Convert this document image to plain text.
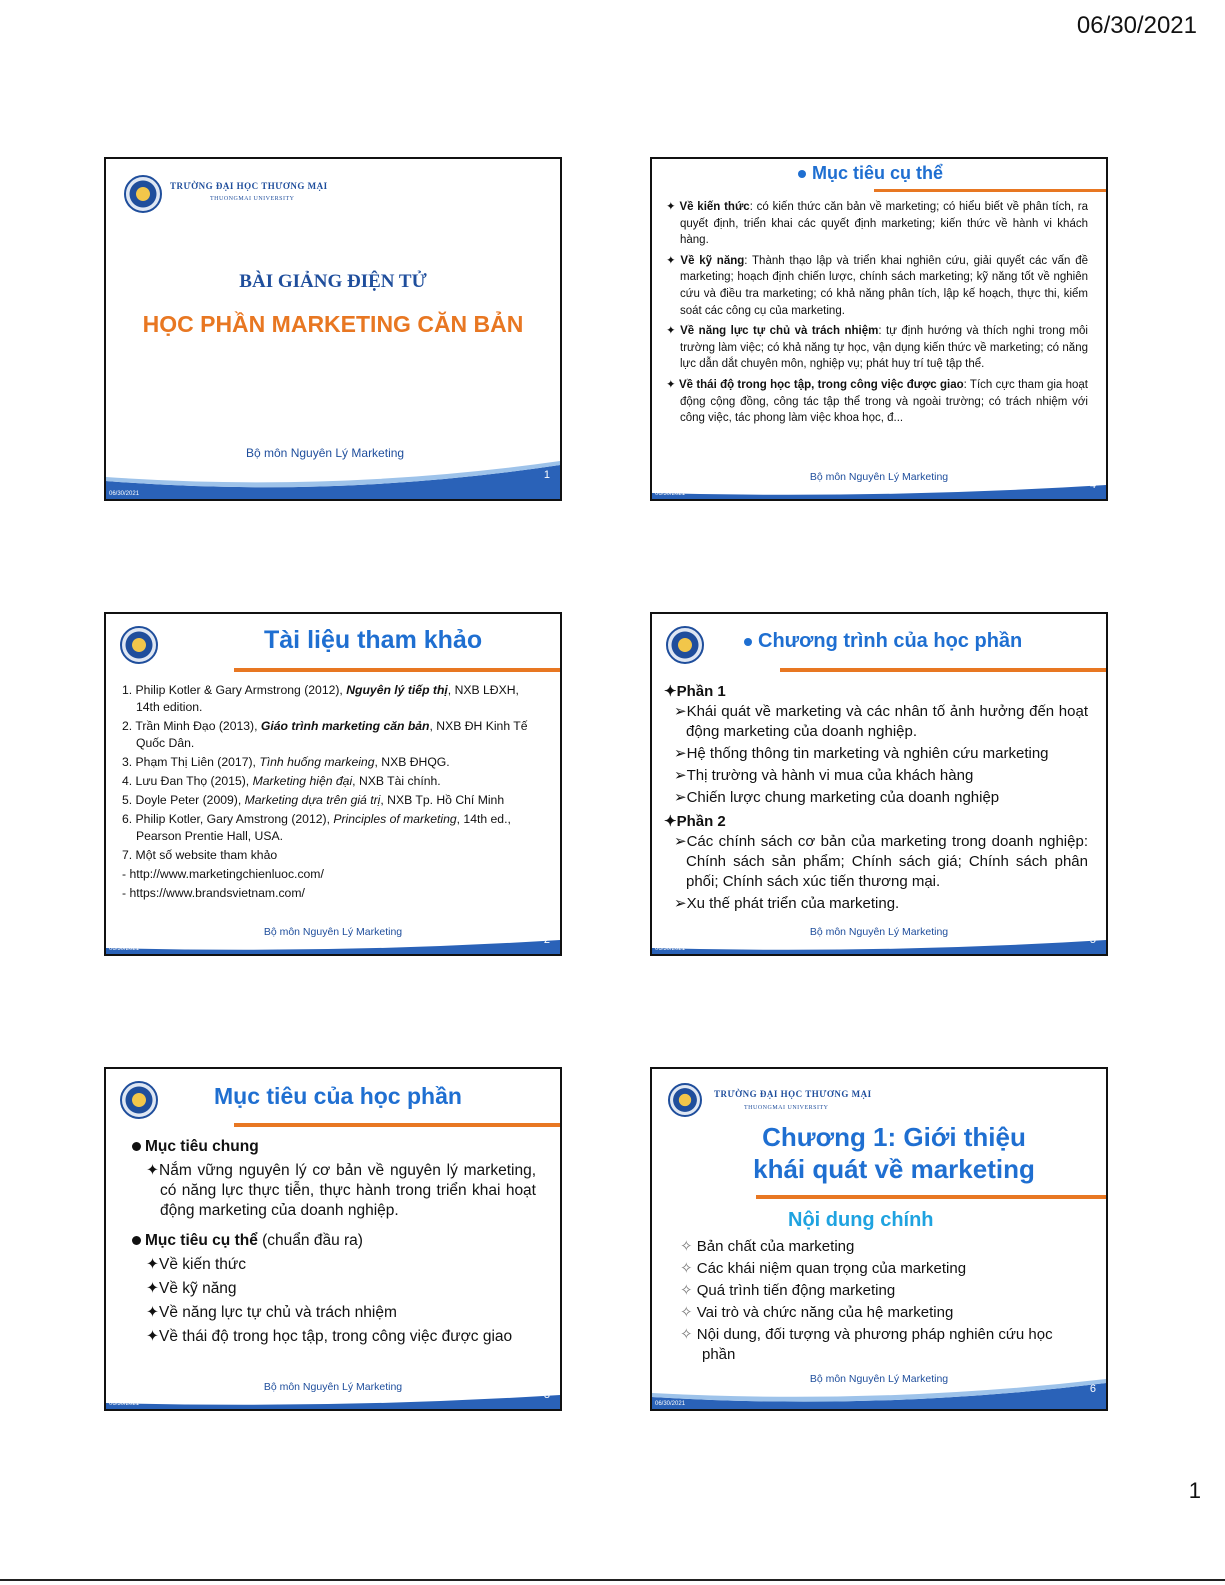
06/30/2021
TRƯỜNG ĐẠI HỌC THƯƠNG MẠI
THUONGMAI UNIVERSITY
BÀI GIẢNG ĐIỆN TỬ
HỌC PHẦN MARKETING CĂN BẢN
Bộ môn Nguyên Lý Marketing
06/30/2021
1
Mục tiêu cụ thể

✦ Về kiến thức: có kiến thức căn bản về marketing; có hiểu biết về phân tích, ra quyết định, triển khai các quyết định marketing; kiến thức về hành vi khách hàng.

✦ Về kỹ năng: Thành thạo lập và triển khai nghiên cứu, giải quyết các vấn đề marketing; hoạch định chiến lược, chính sách marketing; kỹ năng tốt về nghiên cứu và điều tra marketing; có khả năng phân tích, lập kế hoạch, thực thi, kiểm soát các công cụ của marketing.

✦ Về năng lực tự chủ và trách nhiệm: tự định hướng và thích nghi trong môi trường làm việc; có khả năng tự học, vận dụng kiến thức về marketing; có năng lực dẫn dắt chuyên môn, nghiệp vụ; phát huy trí tuệ tập thể.

✦ Về thái độ trong học tập, trong công việc được giao: Tích cực tham gia hoạt động cộng đồng, công tác tập thể trong và ngoài trường; có trách nhiệm với công việc, tác phong làm việc khoa học, đ...

Bộ môn Nguyên Lý Marketing
06/30/2021
4
Tài liệu tham khảo

1. Philip Kotler & Gary Armstrong (2012), Nguyên lý tiếp thị, NXB LĐXH, 14th edition.

2. Trần Minh Đạo (2013), Giáo trình marketing căn bản, NXB ĐH Kinh Tế Quốc Dân.

3. Phạm Thị Liên (2017), Tình huống markeing, NXB ĐHQG.

4. Lưu Đan Thọ (2015), Marketing hiện đại, NXB Tài chính.

5. Doyle Peter (2009), Marketing dựa trên giá trị, NXB Tp. Hồ Chí Minh

6. Philip Kotler, Gary Amstrong (2012), Principles of marketing, 14th ed., Pearson Prentie Hall, USA.

7. Một số website tham khảo

- http://www.marketingchienluoc.com/

- https://www.brandsvietnam.com/

Bộ môn Nguyên Lý Marketing
06/30/2021
2
Chương trình của học phần

✦Phần 1

➢Khái quát về marketing và các nhân tố ảnh hưởng đến hoạt động marketing của doanh nghiệp.

➢Hệ thống thông tin marketing và nghiên cứu marketing

➢Thị trường và hành vi mua của khách hàng

➢Chiến lược chung marketing của doanh nghiệp

✦Phần 2

➢Các chính sách cơ bản của marketing trong doanh nghiệp: Chính sách sản phẩm; Chính sách giá; Chính sách phân phối; Chính sách xúc tiến thương mại.

➢Xu thế phát triển của marketing.

Bộ môn Nguyên Lý Marketing
06/30/2021
5
Mục tiêu của học phần

Mục tiêu chung

✦Nắm vững nguyên lý cơ bản về nguyên lý marketing, có năng lực thực tiễn, thực hành trong triển khai hoạt động marketing của doanh nghiệp.

Mục tiêu cụ thể (chuẩn đầu ra)

✦Về kiến thức

✦Về kỹ năng

✦Về năng lực tự chủ và trách nhiệm

✦Về thái độ trong học tập, trong công việc được giao

Bộ môn Nguyên Lý Marketing
06/30/2021
3
TRƯỜNG ĐẠI HỌC THƯƠNG MẠI
THUONGMAI UNIVERSITY
Chương 1: Giới thiệu
khái quát về marketing
Nội dung chính

✧ Bản chất của marketing

✧ Các khái niệm quan trọng của marketing

✧ Quá trình tiến động marketing

✧ Vai trò và chức năng của hệ marketing

✧ Nội dung, đối tượng và phương pháp nghiên cứu học phần

Bộ môn Nguyên Lý Marketing
06/30/2021
6
1
